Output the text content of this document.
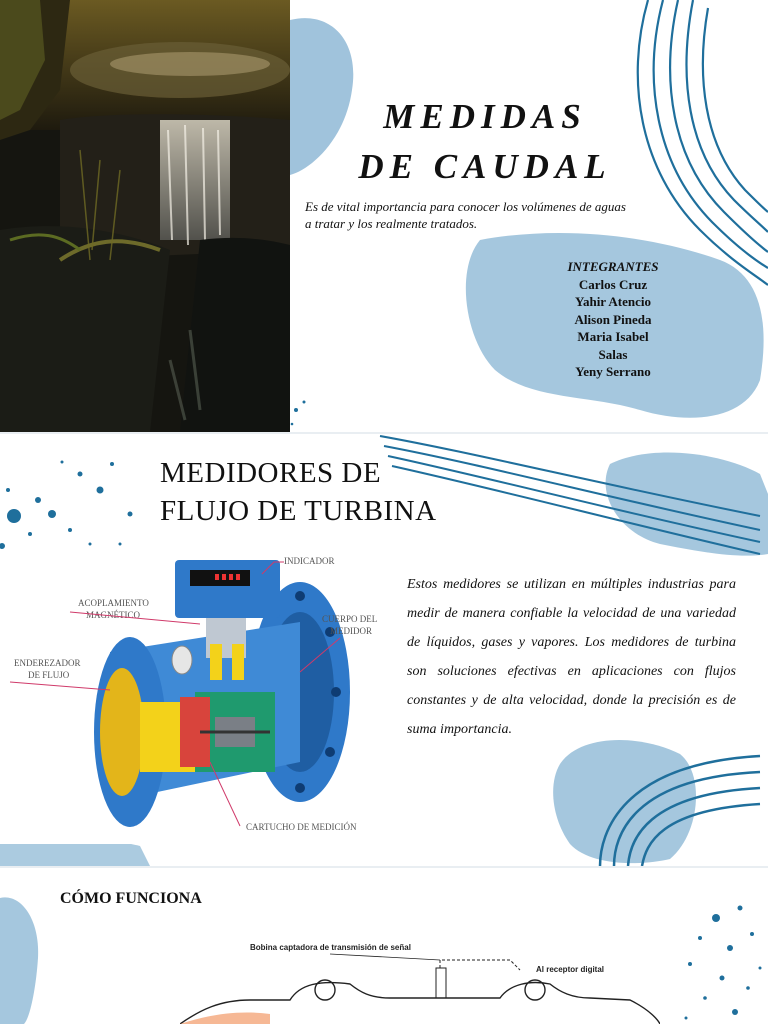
MEDIDAS
DE CAUDAL

Es de vital importancia para conocer los volúmenes de aguas a tratar y los realmente tratados.

INTEGRANTES
Carlos Cruz
Yahir Atencio
Alison Pineda
Maria Isabel
Salas
Yeny Serrano
MEDIDORES DE
FLUJO DE TURBINA
INDICADOR
ACOPLAMIENTO
MAGNÉTICO	CUERPO DEL
MEDIDOR
ENDEREZADOR
DE FLUJO
CARTUCHO DE MEDICIÓN

Estos medidores se utilizan en múltiples industrias para medir de manera confiable la velocidad de una variedad de líquidos, gases y vapores. Los medidores de turbina son soluciones efectivas en aplicaciones con flujos constantes y de alta velocidad, donde la precisión es de suma importancia.

CÓMO FUNCIONA
Bobina captadora de transmisión de señal
Al receptor digital
